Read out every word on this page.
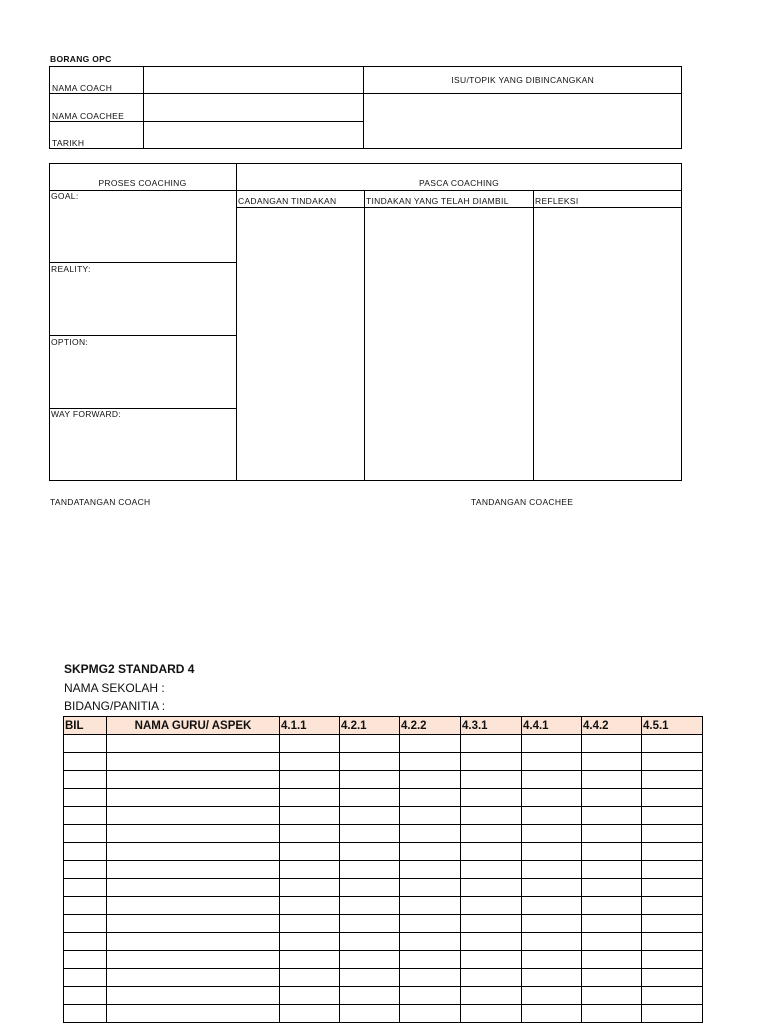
BORANG OPC
NAMA COACH		ISU/TOPIK YANG DIBINCANGKAN
NAMA COACHEE		
TARIKH		
PROSES COACHING	PASCA COACHING
CADANGAN TINDAKAN	TINDAKAN YANG TELAH DIAMBIL	REFLEKSI
GOAL:
REALITY:
OPTION:
WAY FORWARD:
TANDATANGAN COACH	TANDANGAN COACHEE
SKPMG2 STANDARD 4
NAMA SEKOLAH :
BIDANG/PANITIA :
BIL	NAMA GURU/ ASPEK	4.1.1	4.2.1	4.2.2	4.3.1	4.4.1	4.4.2	4.5.1
